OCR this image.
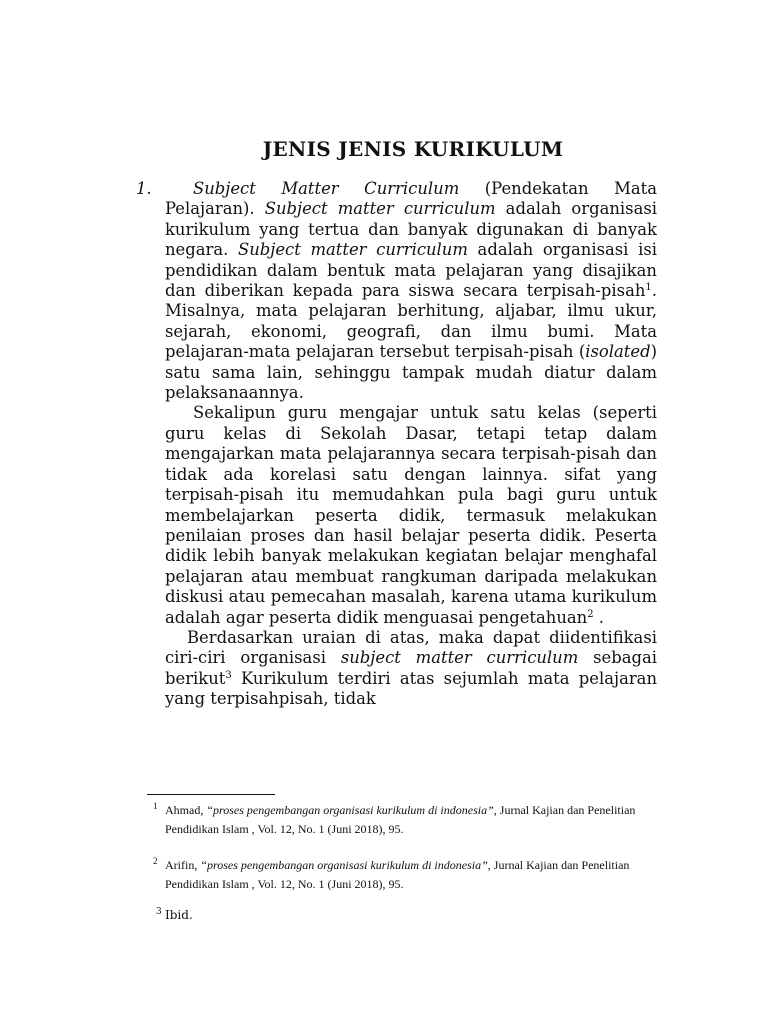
JENIS JENIS KURIKULUM
1.	Subject Matter Curriculum (Pendekatan Mata Pelajaran). Subject matter curriculum adalah organisasi kurikulum yang tertua dan banyak digunakan di banyak negara. Subject matter curriculum adalah organisasi isi pendidikan dalam bentuk mata pelajaran yang disajikan dan diberikan kepada para siswa secara terpisah-pisah$^1$. Misalnya, mata pelajaran berhitung, aljabar, ilmu ukur, sejarah, ekonomi, geografi, dan ilmu bumi. Mata pelajaran-mata pelajaran tersebut terpisah-pisah (isolated) satu sama lain, sehinggu tampak mudah diatur dalam pelaksanaannya.

Sekalipun guru mengajar untuk satu kelas (seperti guru kelas di Sekolah Dasar, tetapi tetap dalam mengajarkan mata pelajarannya secara terpisah-pisah dan tidak ada korelasi satu dengan lainnya. sifat yang terpisah-pisah itu memudahkan pula bagi guru untuk membelajarkan peserta didik, termasuk melakukan penilaian proses dan hasil belajar peserta didik. Peserta didik lebih banyak melakukan kegiatan belajar menghafal pelajaran atau membuat rangkuman daripada melakukan diskusi atau pemecahan masalah, karena utama kurikulum adalah agar peserta didik menguasai pengetahuan$^2$ .

Berdasarkan uraian di atas, maka dapat diidentifikasi ciri-ciri organisasi subject matter curriculum sebagai berikut$^3$ Kurikulum terdiri atas sejumlah mata pelajaran yang terpisahpisah, tidak

1 Ahmad, “proses pengembangan organisasi kurikulum di indonesia”, Jurnal Kajian dan Penelitian Pendidikan Islam , Vol. 12, No. 1 (Juni 2018), 95.
2 Arifin, “proses pengembangan organisasi kurikulum di indonesia”, Jurnal Kajian dan Penelitian Pendidikan Islam , Vol. 12, No. 1 (Juni 2018), 95.
3 Ibid.
